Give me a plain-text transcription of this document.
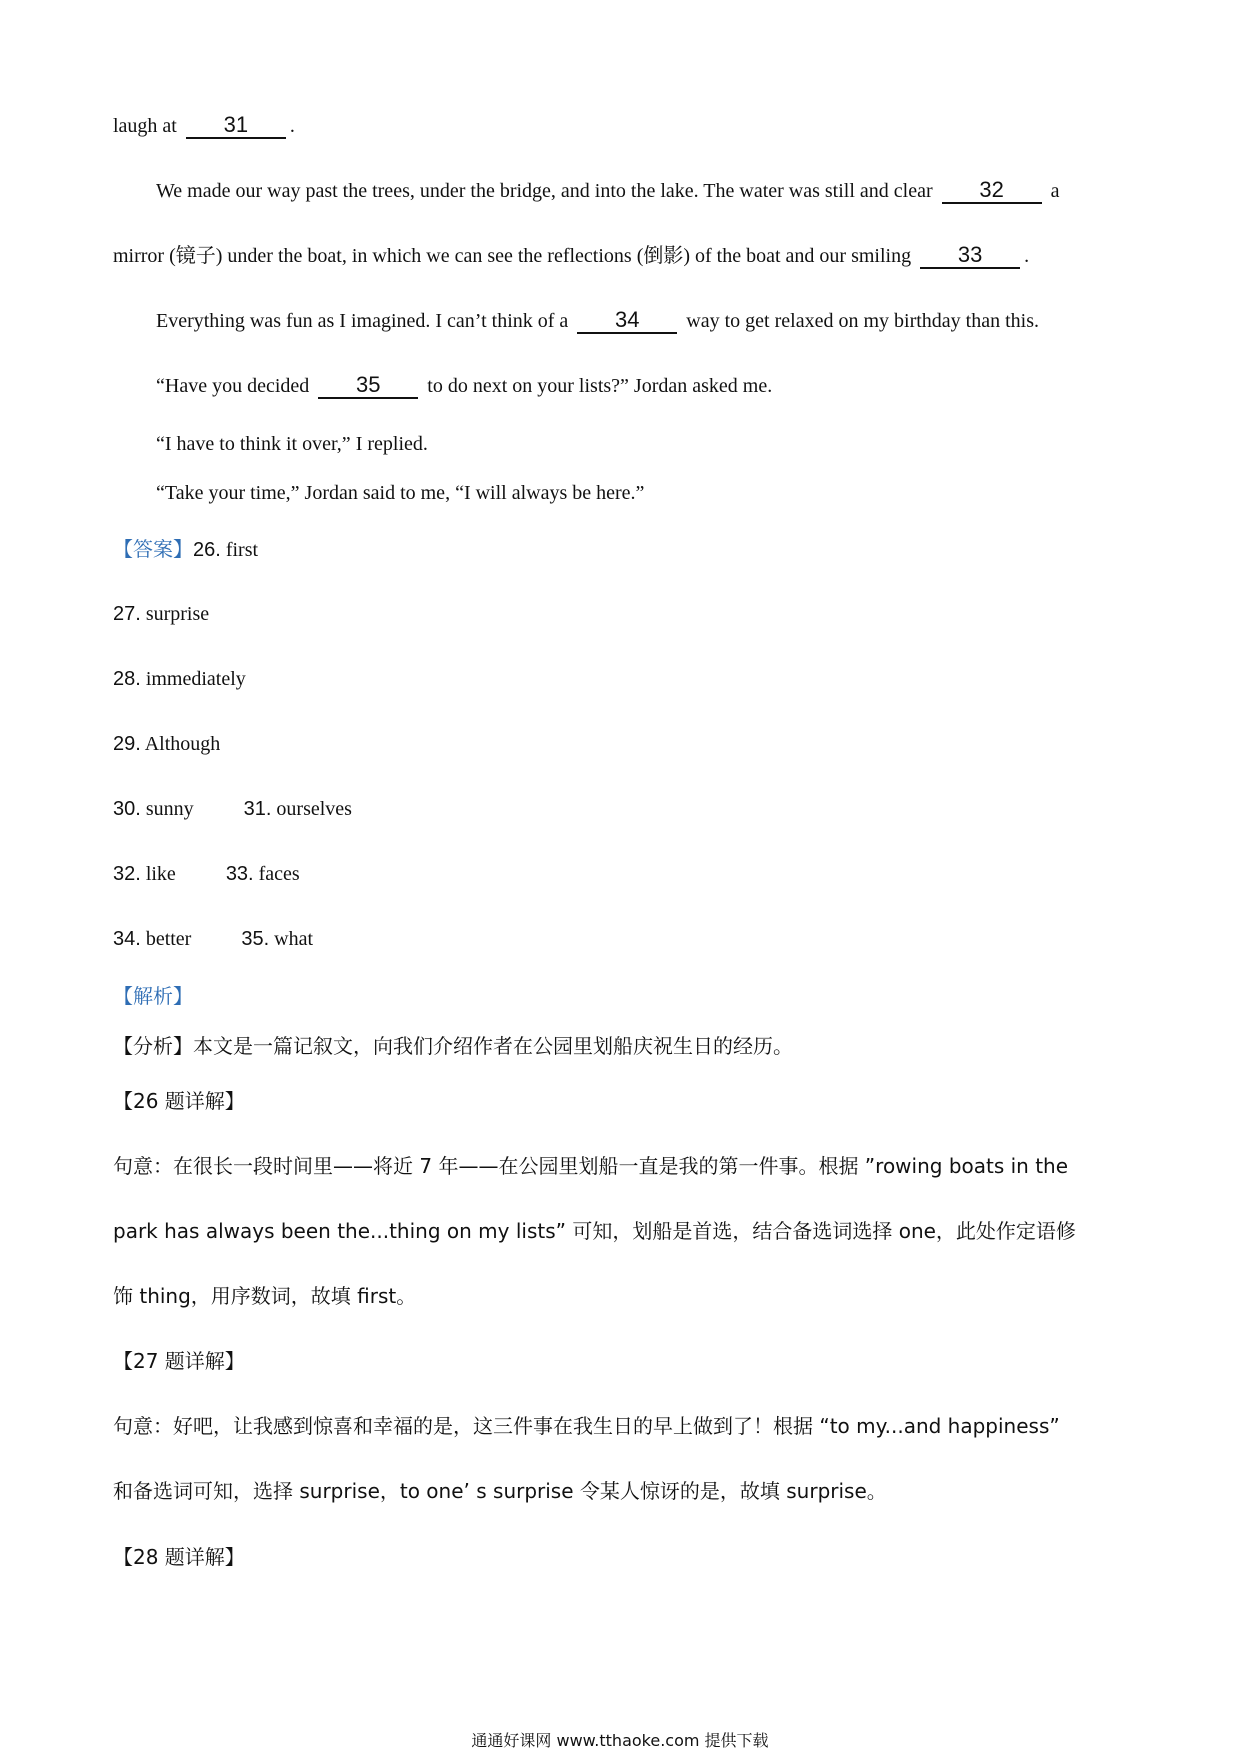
laugh at 31 .
We made our way past the trees, under the bridge, and into the lake. The water was still and clear 32 a
mirror (镜子) under the boat, in which we can see the reflections (倒影) of the boat and our smiling 33 .
Everything was fun as I imagined. I can’t think of a 34 way to get relaxed on my birthday than this.
“Have you decided 35 to do next on your lists?” Jordan asked me.
“I have to think it over,” I replied.
“Take your time,” Jordan said to me, “I will always be here.”
【答案】26. first
27. surprise
28. immediately
29. Although
30. sunny	31. ourselves
32. like	33. faces
34. better	35. what
【解析】
【分析】本文是一篇记叙文，向我们介绍作者在公园里划船庆祝生日的经历。
【26 题详解】
句意：在很长一段时间里——将近 7 年——在公园里划船一直是我的第一件事。根据 ”rowing boats in the
park has always been the...thing on my lists” 可知，划船是首选，结合备选词选择 one，此处作定语修
饰 thing，用序数词，故填 first。
【27 题详解】
句意：好吧，让我感到惊喜和幸福的是，这三件事在我生日的早上做到了！根据 “to my...and happiness”
和备选词可知，选择 surprise，to one’ s surprise 令某人惊讶的是，故填 surprise。
【28 题详解】
通通好课网 www.tthaoke.com 提供下载
